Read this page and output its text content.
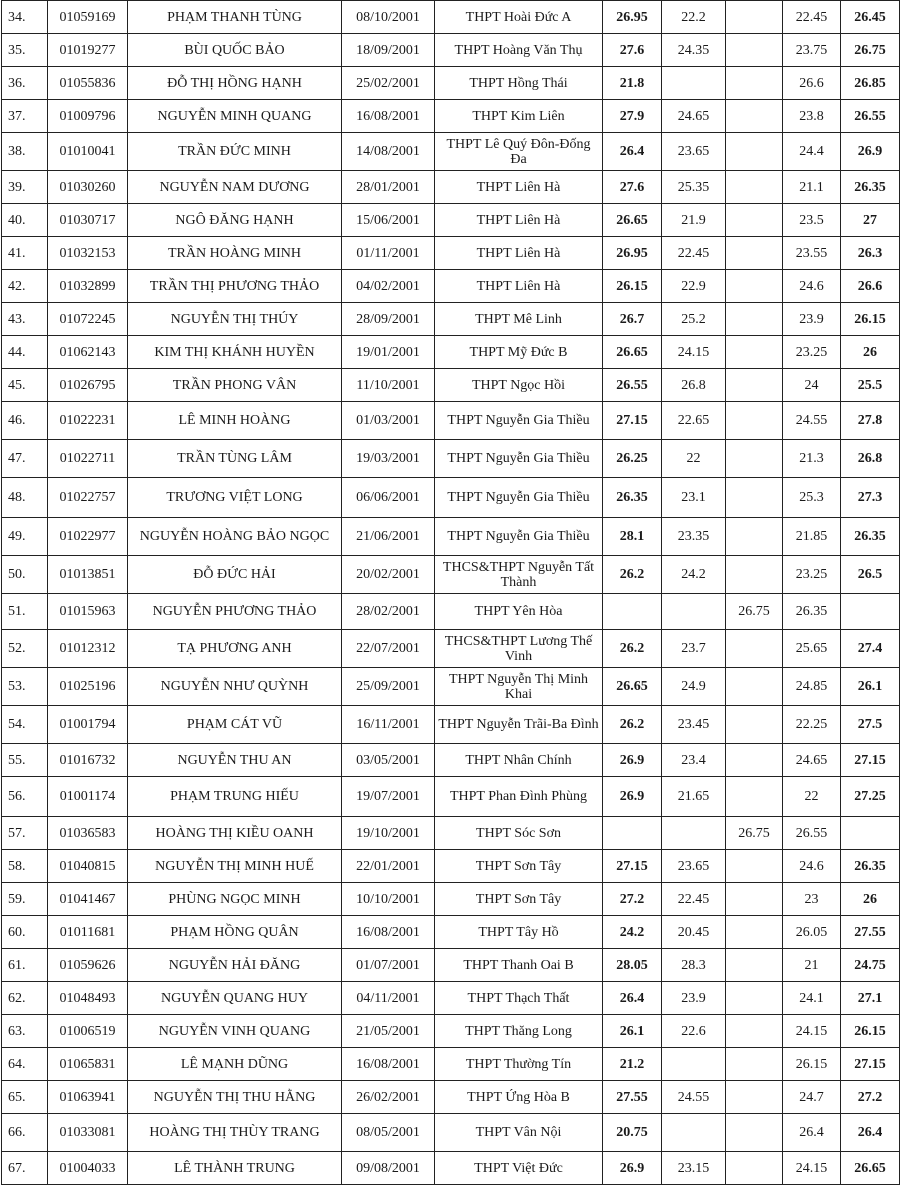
34.	01059169	PHẠM THANH TÙNG	08/10/2001	THPT Hoài Đức A	26.95	22.2		22.45	26.45
35.	01019277	BÙI QUỐC BẢO	18/09/2001	THPT Hoàng Văn Thụ	27.6	24.35		23.75	26.75
36.	01055836	ĐỖ THỊ HỒNG HẠNH	25/02/2001	THPT Hồng Thái	21.8			26.6	26.85
37.	01009796	NGUYỄN MINH QUANG	16/08/2001	THPT Kim Liên	27.9	24.65		23.8	26.55
38.	01010041	TRẦN ĐỨC MINH	14/08/2001	THPT Lê Quý Đôn-Đống Đa	26.4	23.65		24.4	26.9
39.	01030260	NGUYỄN NAM DƯƠNG	28/01/2001	THPT Liên Hà	27.6	25.35		21.1	26.35
40.	01030717	NGÔ ĐĂNG HẠNH	15/06/2001	THPT Liên Hà	26.65	21.9		23.5	27
41.	01032153	TRẦN HOÀNG MINH	01/11/2001	THPT Liên Hà	26.95	22.45		23.55	26.3
42.	01032899	TRẦN THỊ PHƯƠNG THẢO	04/02/2001	THPT Liên Hà	26.15	22.9		24.6	26.6
43.	01072245	NGUYỄN THỊ THÚY	28/09/2001	THPT Mê Linh	26.7	25.2		23.9	26.15
44.	01062143	KIM THỊ KHÁNH HUYỀN	19/01/2001	THPT Mỹ Đức B	26.65	24.15		23.25	26
45.	01026795	TRẦN PHONG VÂN	11/10/2001	THPT Ngọc Hồi	26.55	26.8		24	25.5
46.	01022231	LÊ MINH HOÀNG	01/03/2001	THPT Nguyễn Gia Thiều	27.15	22.65		24.55	27.8
47.	01022711	TRẦN TÙNG LÂM	19/03/2001	THPT Nguyễn Gia Thiều	26.25	22		21.3	26.8
48.	01022757	TRƯƠNG VIỆT LONG	06/06/2001	THPT Nguyễn Gia Thiều	26.35	23.1		25.3	27.3
49.	01022977	NGUYỄN HOÀNG BẢO NGỌC	21/06/2001	THPT Nguyễn Gia Thiều	28.1	23.35		21.85	26.35
50.	01013851	ĐỖ ĐỨC HẢI	20/02/2001	THCS&THPT Nguyễn Tất Thành	26.2	24.2		23.25	26.5
51.	01015963	NGUYỄN PHƯƠNG THẢO	28/02/2001	THPT Yên Hòa			26.75	26.35	
52.	01012312	TẠ PHƯƠNG ANH	22/07/2001	THCS&THPT Lương Thế Vinh	26.2	23.7		25.65	27.4
53.	01025196	NGUYỄN NHƯ QUỲNH	25/09/2001	THPT Nguyễn Thị Minh Khai	26.65	24.9		24.85	26.1
54.	01001794	PHẠM CÁT VŨ	16/11/2001	THPT Nguyễn Trãi-Ba Đình	26.2	23.45		22.25	27.5
55.	01016732	NGUYỄN THU AN	03/05/2001	THPT Nhân Chính	26.9	23.4		24.65	27.15
56.	01001174	PHẠM TRUNG HIẾU	19/07/2001	THPT Phan Đình Phùng	26.9	21.65		22	27.25
57.	01036583	HOÀNG THỊ KIỀU OANH	19/10/2001	THPT Sóc Sơn			26.75	26.55	
58.	01040815	NGUYỄN THỊ MINH HUẾ	22/01/2001	THPT Sơn Tây	27.15	23.65		24.6	26.35
59.	01041467	PHÙNG NGỌC MINH	10/10/2001	THPT Sơn Tây	27.2	22.45		23	26
60.	01011681	PHẠM HỒNG QUÂN	16/08/2001	THPT Tây Hồ	24.2	20.45		26.05	27.55
61.	01059626	NGUYỄN HẢI ĐĂNG	01/07/2001	THPT Thanh Oai B	28.05	28.3		21	24.75
62.	01048493	NGUYỄN QUANG HUY	04/11/2001	THPT Thạch Thất	26.4	23.9		24.1	27.1
63.	01006519	NGUYỄN VINH QUANG	21/05/2001	THPT Thăng Long	26.1	22.6		24.15	26.15
64.	01065831	LÊ MẠNH DŨNG	16/08/2001	THPT Thường Tín	21.2			26.15	27.15
65.	01063941	NGUYỄN THỊ THU HẰNG	26/02/2001	THPT Ứng Hòa B	27.55	24.55		24.7	27.2
66.	01033081	HOÀNG THỊ THÙY TRANG	08/05/2001	THPT Vân Nội	20.75			26.4	26.4
67.	01004033	LÊ THÀNH TRUNG	09/08/2001	THPT Việt Đức	26.9	23.15		24.15	26.65
